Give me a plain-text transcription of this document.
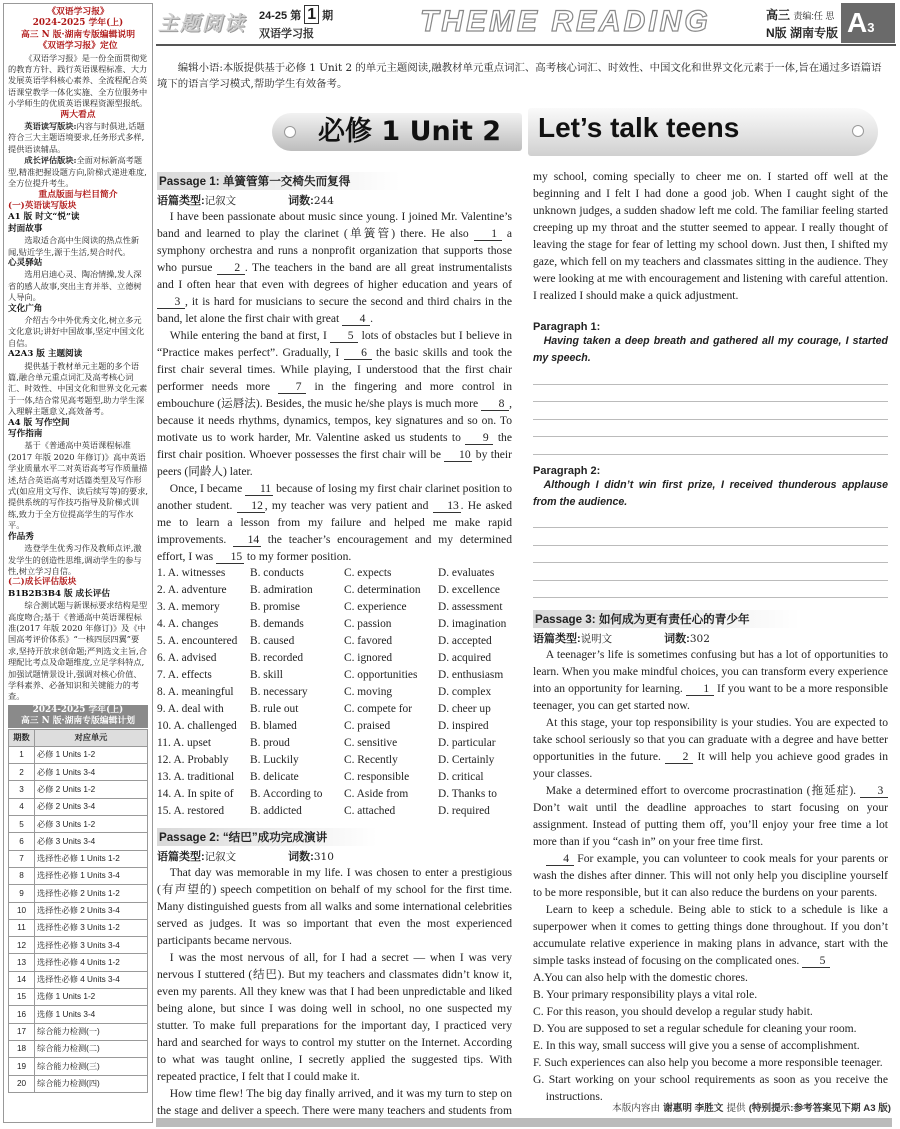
主题阅读 24-25 第 1 期
双语学习报	THEME READING	高三 责编:任 思
N版 湖南专版 A3
《双语学习报》
2024-2025 学年(上)
高三 N 版·湖南专版编辑说明
《双语学习报》定位

《双语学习报》是一份全面贯彻党的教育方针、践行英语课程标准、大力发展英语学科核心素养、全流程配合英语课堂教学一体化实施、全方位服务中小学师生的优质英语课程资源型报纸。

两大看点

英语读写版块:内容与时俱进,话题符合三大主题语境要求,任务形式多样,提供语读辅品。

成长评估版块:全面对标新高考题型,精准把握设题方向,阶梯式递进难度,全方位提升考生。

重点版面与栏目简介
(一)英语读写版块
A1 版 时文“悦”读
封面故事

选取适合高中生阅读的热点性新闻,贴近学生,源于生活,契合时代。

心灵驿站

选用启迪心灵、陶冶情操,发人深省的感人故事,突出主育并举、立德树人导向。

文化广角

介绍古今中外优秀文化,树立多元文化意识;讲好中国故事,坚定中国文化自信。

A2A3 版 主题阅读

提供基于教材单元主题的多个语篇,融合单元重点词汇及高考核心词汇、时效性、中国文化和世界文化元素于一体,结合常见高考题型,助力学生深入理解主题意义,高效备考。

A4 版 写作空间
写作指南

基于《普通高中英语课程标准(2017 年版 2020 年修订)》高中英语学业质量水平二对英语高考写作质量描述,结合英语高考对话篇类型及写作形式(如应用文写作、读后续写等)的要求,提供系统的写作技巧指导及阶梯式训练,致力于全方位提高学生的写作水平。

作品秀

选登学生优秀习作及教师点评,激发学生的创造性思维,调动学生的参与性,树立学习自信。

(二)成长评估版块
B1B2B3B4 版 成长评估

综合测试题与新课标要求结构是型高度吻合;基于《普通高中英语课程标准(2017 年版 2020 年修订)》及《中国高考评价体系》“一核四层四翼”要求,坚持开放求创命题;严判选文主旨,合理配比考点及命题维度,立足学科特点,加强试题情景设计,强调对核心价值、学科素养、必备知识和关键能力的考查。

2024-2025 学年(上)
高三 N 版·湖南专版编辑计划
期数	对应单元
1	必修 1 Units 1-2
2	必修 1 Units 3-4
3	必修 2 Units 1-2
4	必修 2 Units 3-4
5	必修 3 Units 1-2
6	必修 3 Units 3-4
7	选择性必修 1 Units 1-2
8	选择性必修 1 Units 3-4
9	选择性必修 2 Units 1-2
10	选择性必修 2 Units 3-4
11	选择性必修 3 Units 1-2
12	选择性必修 3 Units 3-4
13	选择性必修 4 Units 1-2
14	选择性必修 4 Units 3-4
15	选修 1 Units 1-2
16	选修 1 Units 3-4
17	综合能力检测(一)
18	综合能力检测(二)
19	综合能力检测(三)
20	综合能力检测(四)
编辑小语:本版提供基于必修 1 Unit 2 的单元主题阅读,融教材单元重点词汇、高考核心词汇、时效性、中国文化和世界文化元素于一体,旨在通过多语篇语境下的语言学习模式,帮助学生有效备考。
必修 1 Unit 2 Let’s talk teens
Passage 1: 单簧管第一交椅失而复得
语篇类型:记叙文	词数:244
I have been passionate about music since young. I joined Mr. Valentine’s band and learned to play the clarinet (单簧管) there. He also 1 a symphony orchestra and runs a nonprofit organization that supports those who pursue 2 . The teachers in the band are all great instrumentalists and I often hear that even with degrees of higher education and years of 3 , it is hard for musicians to secure the second and third chairs in the band, let alone the first chair with great 4 .
While entering the band at first, I 5 lots of obstacles but I believe in “Practice makes perfect”. Gradually, I 6 the basic skills and took the first chair several times. While playing, I understood that the first chair performer needs more 7 in the fingering and more control in embouchure (运唇法). Besides, the music he/she plays is much more 8 , because it needs rhythms, dynamics, tempos, key signatures and so on. To motivate us to work harder, Mr. Valentine asked us students to 9 the first chair position. Whoever possesses the first chair will be 10 by their peers (同龄人) later.
Once, I became 11 because of losing my first chair clarinet position to another student. 12 , my teacher was very patient and 13 . He asked me to learn a lesson from my failure and helped me make rapid improvements. 14 the teacher’s encouragement and my determined effort, I was 15 to my former position.
1. A. witnesses	B. conducts	C. expects	D. evaluates
2. A. adventure	B. admiration	C. determination	D. excellence
3. A. memory	B. promise	C. experience	D. assessment
4. A. changes	B. demands	C. passion	D. imagination
5. A. encountered	B. caused	C. favored	D. accepted
6. A. advised	B. recorded	C. ignored	D. acquired
7. A. effects	B. skill	C. opportunities	D. enthusiasm
8. A. meaningful	B. necessary	C. moving	D. complex
9. A. deal with	B. rule out	C. compete for	D. cheer up
10. A. challenged	B. blamed	C. praised	D. inspired
11. A. upset	B. proud	C. sensitive	D. particular
12. A. Probably	B. Luckily	C. Recently	D. Certainly
13. A. traditional	B. delicate	C. responsible	D. critical
14. A. In spite of	B. According to	C. Aside from	D. Thanks to
15. A. restored	B. addicted	C. attached	D. required
Passage 2: “结巴”成功完成演讲
语篇类型:记叙文	词数:310
That day was memorable in my life. I was chosen to enter a prestigious (有声望的) speech competition on behalf of my school for the first time. Many distinguished guests from all walks and some international celebrities served as judges. It was so important that even the most experienced participants became nervous.
I was the most nervous of all, for I had a secret — when I was very nervous I stuttered (结巴). But my teachers and classmates didn’t know it, even my parents. All they knew was that I had been unpredictable and liked being alone, but since I was doing well in school, no one suspected my stutter. To make full preparations for the important day, I practiced very hard and searched for ways to control my stutter on the Internet. According to what was taught online, I secretly applied the suggested tips. With repeated practice, I felt that I could make it.
How time flew! The big day finally arrived, and it was my turn to step on the stage and deliver a speech. There were many teachers and students from
my school, coming specially to cheer me on. I started off well at the beginning and I felt I had done a good job. When I caught sight of the unknown judges, a sudden shadow left me cold. The familiar feeling started creeping up my throat and the stutter seemed to appear. I really thought of leaving the stage for fear of letting my school down. Just then, I shifted my gaze, which fell on my teachers and classmates sitting in the audience. They were looking at me with encouragement and listening with careful attention. I realized I should make a quick adjustment.
Paragraph 1:
Having taken a deep breath and gathered all my courage, I started my speech.
Paragraph 2:
Although I didn’t win first prize, I received thunderous applause from the audience.
Passage 3: 如何成为更有责任心的青少年
语篇类型:说明文	词数:302
A teenager’s life is sometimes confusing but has a lot of opportunities to learn. When you make mindful choices, you can transform every experience into an opportunity for learning. 1 If you want to be a more responsible teenager, you can get started now.
At this stage, your top responsibility is your studies. You are expected to take school seriously so that you can graduate with a degree and have better opportunities in the future. 2 It will help you achieve good grades in your classes.
Make a determined effort to overcome procrastination (拖延症). 3 Don’t wait until the deadline approaches to start focusing on your assignment. Instead of putting them off, you’ll enjoy your free time a lot more than if you “cash in” on your free time first.
4 For example, you can volunteer to cook meals for your parents or wash the dishes after dinner. This will not only help you discipline yourself to be more responsible, but it can also reduce the burdens on your parents.
Learn to keep a schedule. Being able to stick to a schedule is like a superpower when it comes to getting things done throughout. If you don’t accumulate relative experience in making plans in advance, start with the simple tasks instead of focusing on the complicated ones. 5
A.You can also help with the domestic chores.
B. Your primary responsibility plays a vital role.
C. For this reason, you should develop a regular study habit.
D. You are supposed to set a regular schedule for cleaning your room.
E. In this way, small success will give you a sense of accomplishment.
F. Such experiences can also help you become a more responsible teenager.
G. Start working on your school requirements as soon as you receive the instructions.
本版内容由 谢惠明 李胜文 提供 (特别提示:参考答案见下期 A3 版)
